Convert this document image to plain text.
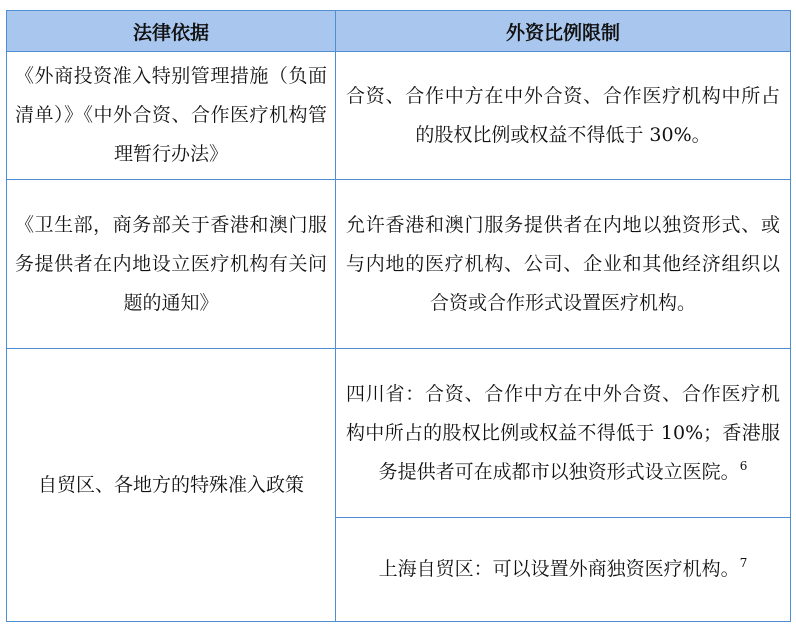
法律依据	外资比例限制

《外商投资准入特别管理措施（负面清单）》《中外合资、合作医疗机构管理暂行办法》	合资、合作中方在中外合资、合作医疗机构中所占的股权比例或权益不得低于 30%。

《卫生部，商务部关于香港和澳门服务提供者在内地设立医疗机构有关问题的通知》	允许香港和澳门服务提供者在内地以独资形式、或与内地的医疗机构、公司、企业和其他经济组织以合资或合作形式设置医疗机构。

自贸区、各地方的特殊准入政策	四川省：合资、合作中方在中外合资、合作医疗机构中所占的股权比例或权益不得低于 10%；香港服务提供者可在成都市以独资形式设立医院。$^6$

	上海自贸区：可以设置外商独资医疗机构。$^7$
